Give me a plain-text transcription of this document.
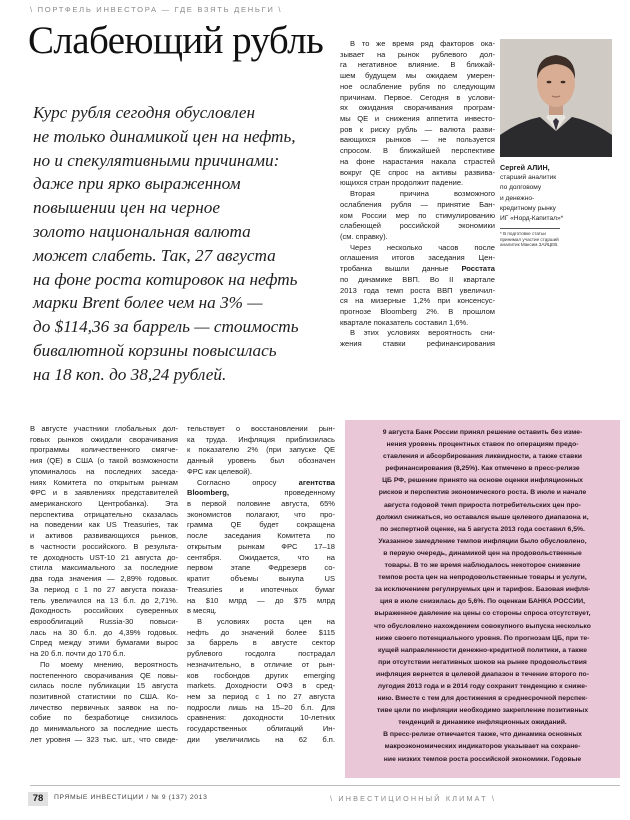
\ ПОРТФЕЛЬ ИНВЕСТОРА — ГДЕ ВЗЯТЬ ДЕНЬГИ \
Слабеющий рубль
Курс рубля сегодня обусловлен
не только динамикой цен на нефть,
но и спекулятивными причинами:
даже при ярко выраженном
повышении цен на черное
золото национальная валюта
может слабеть. Так, 27 августа
на фоне роста котировок на нефть
марки Brent более чем на 3% —
до $114,36 за баррель — стоимость
бивалютной корзины повысилась
на 18 коп. до 38,24 рублей.
В то же время ряд факторов ока-
зывает на рынок рублевого дол-
га негативное влияние. В ближай-
шем будущем мы ожидаем умерен-
ное ослабление рубля по следующим
причинам. Первое. Сегодня в услови-
ях ожидания сворачивания програм-
мы QE и снижения аппетита инвесто-
ров к риску рубль — валюта разви-
вающихся рынков — не пользуется
спросом. В ближайшей перспективе
на фоне нарастания накала страстей
вокруг QE спрос на активы развива-
ющихся стран продолжит падение.
Вторая причина возможного
ослабления рубля — принятие Бан-
ком России мер по стимулированию
слабеющей российской экономики
(см. справку).
Через несколько часов после
оглашения итогов заседания Цен-
тробанка вышли данные Росстата
по динамике ВВП. Во II квартале
2013 года темп роста ВВП увеличил-
ся на мизерные 1,2% при консенсус-
прогнозе Bloomberg 2%. В прошлом
квартале показатель составил 1,6%.
В этих условиях вероятность сни-
жения ставки рефинансирования
Сергей АЛИН,
старший аналитик
по долговому
и денежно-
кредитному рынку
ИГ «Норд-Капитал»*
* В подготовке статьи
принимал участие старший
аналитик Максим ЗАЙЦЕВ.
В августе участники глобальных дол-
говых рынков ожидали сворачивания
программы количественного смягче-
ния (QE) в США (о такой возможности
упоминалось на последних заседа-
ниях Комитета по открытым рынкам
ФРС и в заявлениях представителей
американского Центробанка). Эта
перспектива отрицательно сказалась
на поведении как US Treasuries, так
и активов развивающихся рынков,
в частности российского. В результа-
те доходность UST-10 21 августа до-
стигла максимального за последние
два года значения — 2,89% годовых.
За период с 1 по 27 августа показа-
тель увеличился на 13 б.п. до 2,71%.
Доходность российских суверенных
еврооблигаций Russia-30 повыси-
лась на 30 б.п. до 4,39% годовых.
Спред между этими бумагами вырос
на 20 б.п. почти до 170 б.п.
По моему мнению, вероятность
постепенного сворачивания QE повы-
силась после публикации 15 августа
позитивной статистики по США. Ко-
личество первичных заявок на по-
собие по безработице снизилось
до минимального за последние шесть
лет уровня — 323 тыс. шт., что свиде-
тельствует о восстановлении рын-
ка труда. Инфляция приблизилась
к показателю 2% (при запуске QE
данный уровень был обозначен
ФРС как целевой).
Согласно опросу агентства
Bloomberg, проведенному
в первой половине августа, 65%
экономистов полагают, что про-
грамма QE будет сокращена
после заседания Комитета по
открытым рынкам ФРС 17–18
сентября. Ожидается, что на
первом этапе Федрезерв со-
кратит объемы выкупа US
Treasuries и ипотечных бумаг
на $10 млрд — до $75 млрд
в месяц.
В условиях роста цен на
нефть до значений более $115
за баррель в августе сектор
рублевого госдолга пострадал
незначительно, в отличие от рын-
ков госбондов других emerging
markets. Доходности ОФЗ в сред-
нем за период с 1 по 27 августа
подросли лишь на 15–20 б.п. Для
сравнения: доходности 10-летних
государственных облигаций Ин-
дии увеличились на 62 б.п.
9 августа Банк России принял решение оставить без изме-
нения уровень процентных ставок по операциям предо-
ставления и абсорбирования ликвидности, а также ставки
рефинансирования (8,25%). Как отмечено в пресс-релизе
ЦБ РФ, решение принято на основе оценки инфляционных
рисков и перспектив экономического роста. В июле и начале
августа годовой темп прироста потребительских цен про-
должил снижаться, но оставался выше целевого диапазона и,
по экспертной оценке, на 5 августа 2013 года составил 6,5%.
Указанное замедление темпов инфляции было обусловлено,
в первую очередь, динамикой цен на продовольственные
товары. В то же время наблюдалось некоторое снижение
темпов роста цен на непродовольственные товары и услуги,
за исключением регулируемых цен и тарифов. Базовая инфля-
ция в июле снизилась до 5,6%. По оценкам БАНКА РОССИИ,
выраженное давление на цены со стороны спроса отсутствует,
что обусловлено нахождением совокупного выпуска несколько
ниже своего потенциального уровня. По прогнозам ЦБ, при те-
кущей направленности денежно-кредитной политики, а также
при отсутствии негативных шоков на рынке продовольствия
инфляция вернется в целевой диапазон в течение второго по-
лугодия 2013 года и в 2014 году сохранит тенденцию к сниже-
нию. Вместе с тем для достижения в среднесрочной перспек-
тиве цели по инфляции необходимо закрепление позитивных
тенденций в динамике инфляционных ожиданий.
В пресс-релизе отмечается также, что динамика основных
макроэкономических индикаторов указывает на сохране-
ние низких темпов роста российской экономики. Годовые
78	ПРЯМЫЕ ИНВЕСТИЦИИ / № 9 (137) 2013	\ ИНВЕСТИЦИОННЫЙ КЛИМАТ \
